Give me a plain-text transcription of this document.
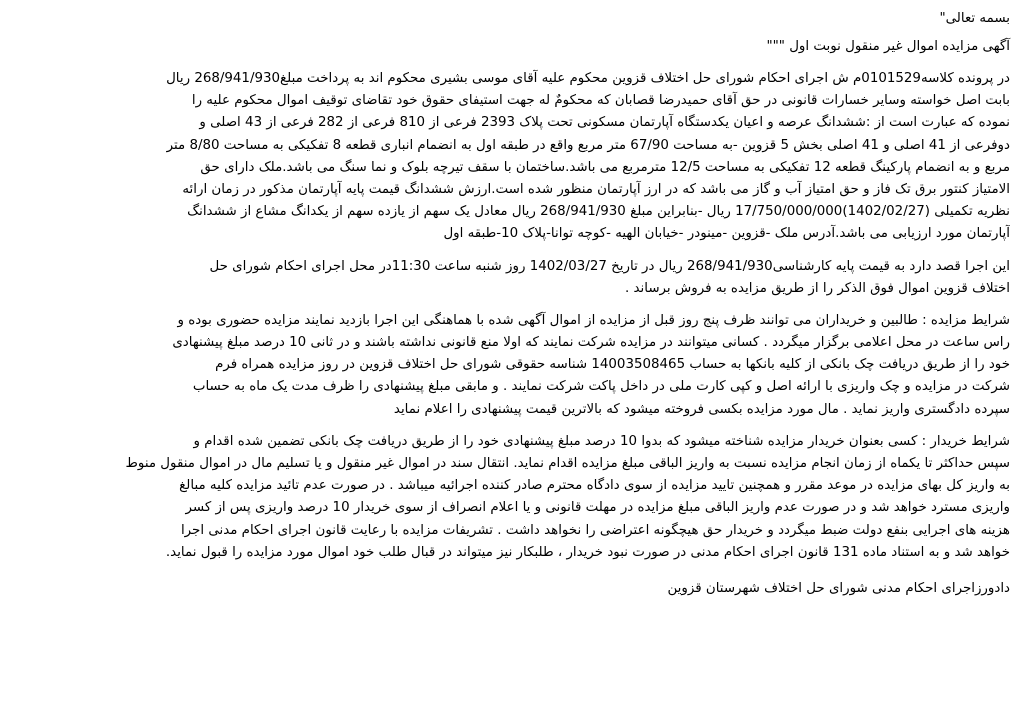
بسمه تعالی"
آگهی مزایده اموال غیر منقول نوبت اول """
در پرونده کلاسه0101529م ش اجرای احکام شورای حل اختلاف قزوین محکوم علیه آقای موسی بشیری محکوم اند به پرداخت مبلغ268/941/930 ریال
بابت اصل خواسته وسایر خسارات قانونی در حق آقای حمیدرضا قصابان که محکومٌ له جهت استیفای حقوق خود تقاضای توقیف اموال محکوم علیه را
نموده که عبارت است از :ششدانگ عرصه و اعیان یکدستگاه آپارتمان مسکونی تحت پلاک 2393 فرعی از 810 فرعی از 282 فرعی از 43 اصلی و
دوفرعی از 41 اصلی و 41 اصلی بخش 5 قزوین -به مساحت 67/90 متر مربع واقع در طبقه اول به انضمام انباری قطعه 8 تفکیکی به مساحت 8/80 متر
مربع و به انضمام پارکینگ قطعه 12 تفکیکی به مساحت 12/5 مترمربع می باشد.ساختمان با سقف تیرچه بلوک و نما سنگ می باشد.ملک دارای حق
الامتیاز کنتور برق تک فاز و حق امتیاز آب و گاز می باشد که در ارز آپارتمان منظور شده است.ارزش ششدانگ قیمت پایه آپارتمان مذکور در زمان ارائه
نظریه تکمیلی (1402/02/27)17/750/000/000 ریال -بنابراین مبلغ 268/941/930 ریال معادل یک سهم از یازده سهم از یکدانگ مشاع از ششدانگ
آپارتمان مورد ارزیابی می باشد.آدرس ملک -قزوین -مینودر -خیابان الهیه -کوچه توانا-پلاک 10-طبقه اول
این اجرا قصد دارد به قیمت پایه کارشناسی268/941/930 ریال در تاریخ 1402/03/27 روز شنبه ساعت 11:30در محل اجرای احکام شورای حل
اختلاف قزوین اموال فوق الذکر را از طریق مزایده به فروش برساند .
شرایط مزایده : طالبین و خریداران می توانند ظرف پنج روز قبل از مزایده از اموال آگهی شده با هماهنگی این اجرا بازدید نمایند مزایده حضوری بوده و
راس ساعت در محل اعلامی برگزار میگردد . کسانی میتوانند در مزایده شرکت نمایند که اولا منع قانونی نداشته باشند و در ثانی 10 درصد مبلغ پیشنهادی
خود را از طریق دریافت چک بانکی از کلیه بانکها به حساب 14003508465 شناسه حقوقی شورای حل اختلاف قزوین در روز مزایده همراه فرم
شرکت در مزایده و چک واریزی با ارائه اصل و کپی کارت ملی در داخل پاکت شرکت نمایند . و مابقی مبلغ پیشنهادی را ظرف مدت یک ماه به حساب
سپرده دادگستری واریز نماید . مال مورد مزایده بکسی فروخته میشود که بالاترین قیمت پیشنهادی را اعلام نماید
شرایط خریدار : کسی بعنوان خریدار مزایده شناخته میشود که بدوا 10 درصد مبلغ پیشنهادی خود را از طریق دریافت چک بانکی تضمین شده اقدام و
سپس حداکثر تا یکماه از زمان انجام مزایده نسبت به واریز الباقی مبلغ مزایده اقدام نماید. انتقال سند در اموال غیر منقول و یا تسلیم مال در اموال منقول منوط
به واریز کل بهای مزایده در موعد مقرر و همچنین تایید مزایده از سوی دادگاه محترم صادر کننده اجرائیه میباشد . در صورت عدم تائید مزایده کلیه مبالغ
واریزی مسترد خواهد شد و در صورت عدم واریز الباقی مبلغ مزایده در مهلت قانونی و یا اعلام انصراف از سوی خریدار 10 درصد واریزی پس از کسر
هزینه های اجرایی بنفع دولت ضبط میگردد و خریدار حق هیچگونه اعتراضی را نخواهد داشت . تشریفات مزایده با رعایت قانون اجرای احکام مدنی اجرا
خواهد شد و به استناد ماده 131 قانون اجرای احکام مدنی در صورت نبود خریدار ، طلبکار نیز میتواند در قبال طلب خود اموال مورد مزایده را قبول نماید.
دادورزاجرای احکام مدنی شورای حل اختلاف شهرستان قزوین
